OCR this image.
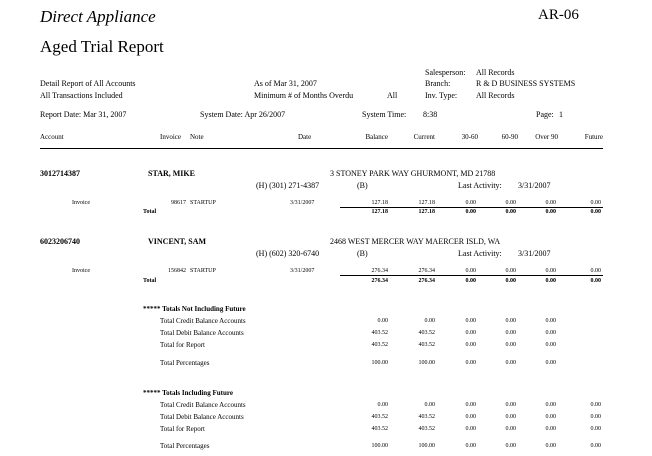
Direct Appliance	AR-06
Aged Trial Report
Detail Report of All Accounts
All Transactions Included
As of Mar 31, 2007
Minimum # of Months Overdu	All
Salesperson: All Records
Branch:	R & D BUSINESS SYSTEMS
Inv. Type: All Records
Report Date: Mar 31, 2007	System Date: Apr 26/2007	System Time: 8:38	Page: 1
Account	Invoice Note	Date	Balance	Current	30-60	60-90	Over 90	Future
3012714387	STAR, MIKE	3 STONEY PARK WAY GHURMONT, MD 21788
(H) (301) 271-4387	(B)	Last Activity: 3/31/2007
Invoice	98617 STARTUP	3/31/2007	127.18	127.18	0.00	0.00	0.00	0.00
Total	127.18	127.18	0.00	0.00	0.00	0.00
6023206740	VINCENT, SAM	2468 WEST MERCER WAY MAERCER ISLD, WA
(H) (602) 320-6740	(B)	Last Activity: 3/31/2007
Invoice	156842 STARTUP	3/31/2007	276.34	276.34	0.00	0.00	0.00	0.00
Total	276.34	276.34	0.00	0.00	0.00	0.00
***** Totals Not Including Future
Total Credit Balance Accounts	0.00	0.00	0.00	0.00	0.00
Total Debit Balance Accounts	403.52	403.52	0.00	0.00	0.00
Total for Report	403.52	403.52	0.00	0.00	0.00
Total Percentages	100.00	100.00	0.00	0.00	0.00
***** Totals Including Future
Total Credit Balance Accounts	0.00	0.00	0.00	0.00	0.00	0.00
Total Debit Balance Accounts	403.52	403.52	0.00	0.00	0.00	0.00
Total for Report	403.52	403.52	0.00	0.00	0.00	0.00
Total Percentages	100.00	100.00	0.00	0.00	0.00	0.00
